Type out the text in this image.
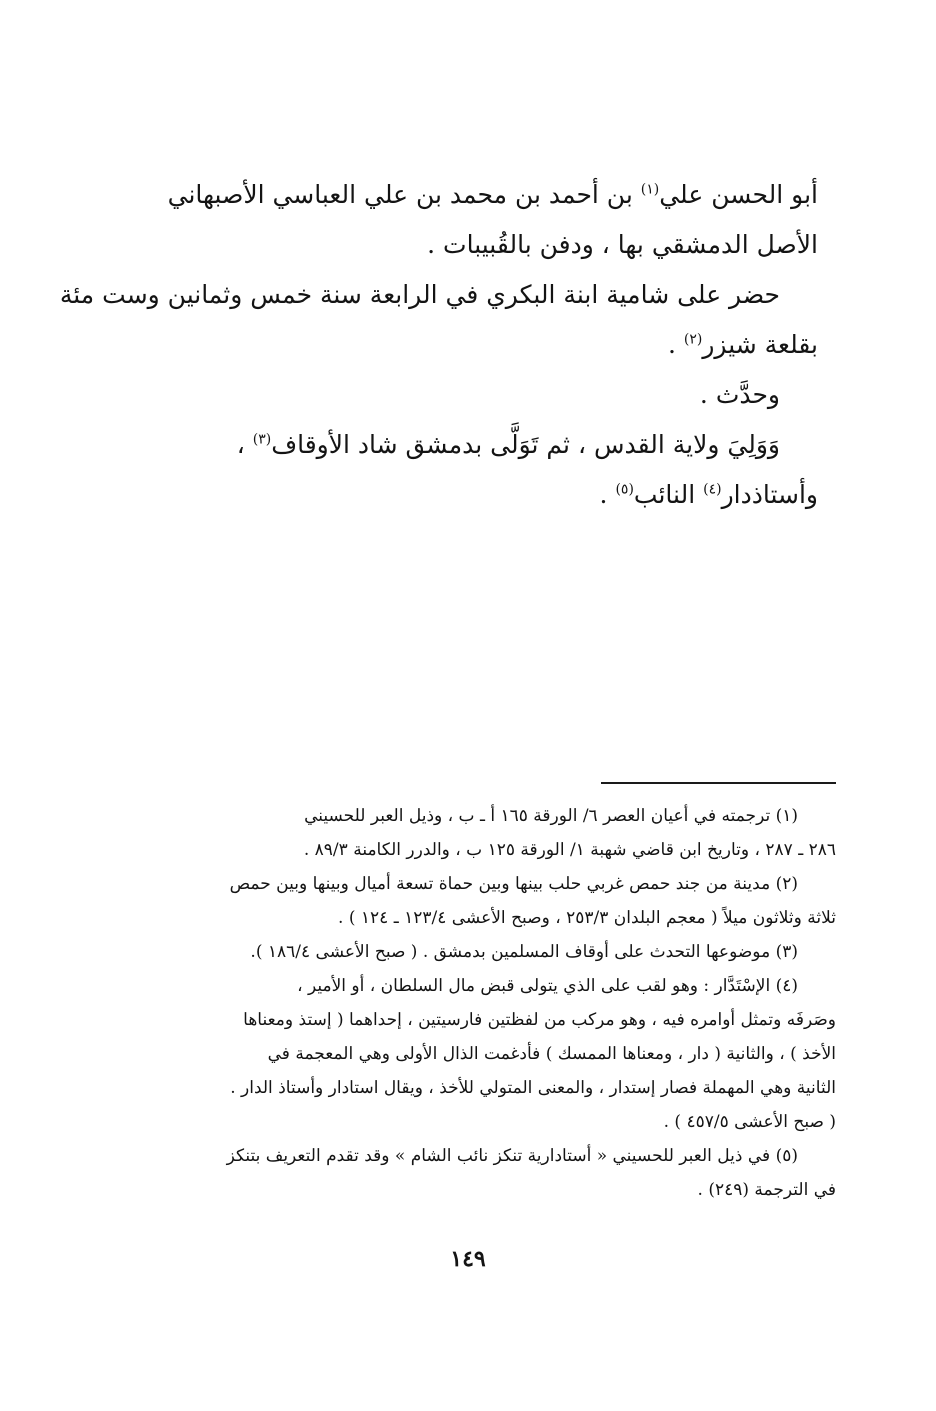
أبو الحسن علي$^{(١)}$ بن أحمد بن محمد بن علي العباسي الأصبهاني
الأصل الدمشقي بها ، ودفن بالقُبيبات .
حضر على شامية ابنة البكري في الرابعة سنة خمس وثمانين وست مئة
بقلعة شيزر$^{(٢)}$ .
وحدَّث .
وَوَلِيَ ولاية القدس ، ثم تَوَلَّى بدمشق شاد الأوقاف$^{(٣)}$ ،
وأستاذدار$^{(٤)}$ النائب$^{(٥)}$ .
(١) ترجمته في أعيان العصر ٦/ الورقة ١٦٥ أ ـ ب ، وذيل العبر للحسيني
٢٨٦ ـ ٢٨٧ ، وتاريخ ابن قاضي شهبة ١/ الورقة ١٢٥ ب ، والدرر الكامنة ٨٩/٣ .
(٢) مدينة من جند حمص غربي حلب بينها وبين حماة تسعة أميال وبينها وبين حمص
ثلاثة وثلاثون ميلاً ( معجم البلدان ٢٥٣/٣ ، وصبح الأعشى ١٢٣/٤ ـ ١٢٤ ) .
(٣) موضوعها التحدث على أوقاف المسلمين بدمشق . ( صبح الأعشى ١٨٦/٤ ).
(٤) الإسْتَدَّار : وهو لقب على الذي يتولى قبض مال السلطان ، أو الأمير ،
وصَرفَه وتمثل أوامره فيه ، وهو مركب من لفظتين فارسيتين ، إحداهما ( إستذ ومعناها
الأخذ ) ، والثانية ( دار ، ومعناها الممسك ) فأدغمت الذال الأولى وهي المعجمة في
الثانية وهي المهملة فصار إستدار ، والمعنى المتولي للأخذ ، ويقال استادار وأستاذ الدار .
( صبح الأعشى ٤٥٧/٥ ) .
(٥) في ذيل العبر للحسيني « أستادارية تنكز نائب الشام » وقد تقدم التعريف بتنكز
في الترجمة (٢٤٩) .
١٤٩
